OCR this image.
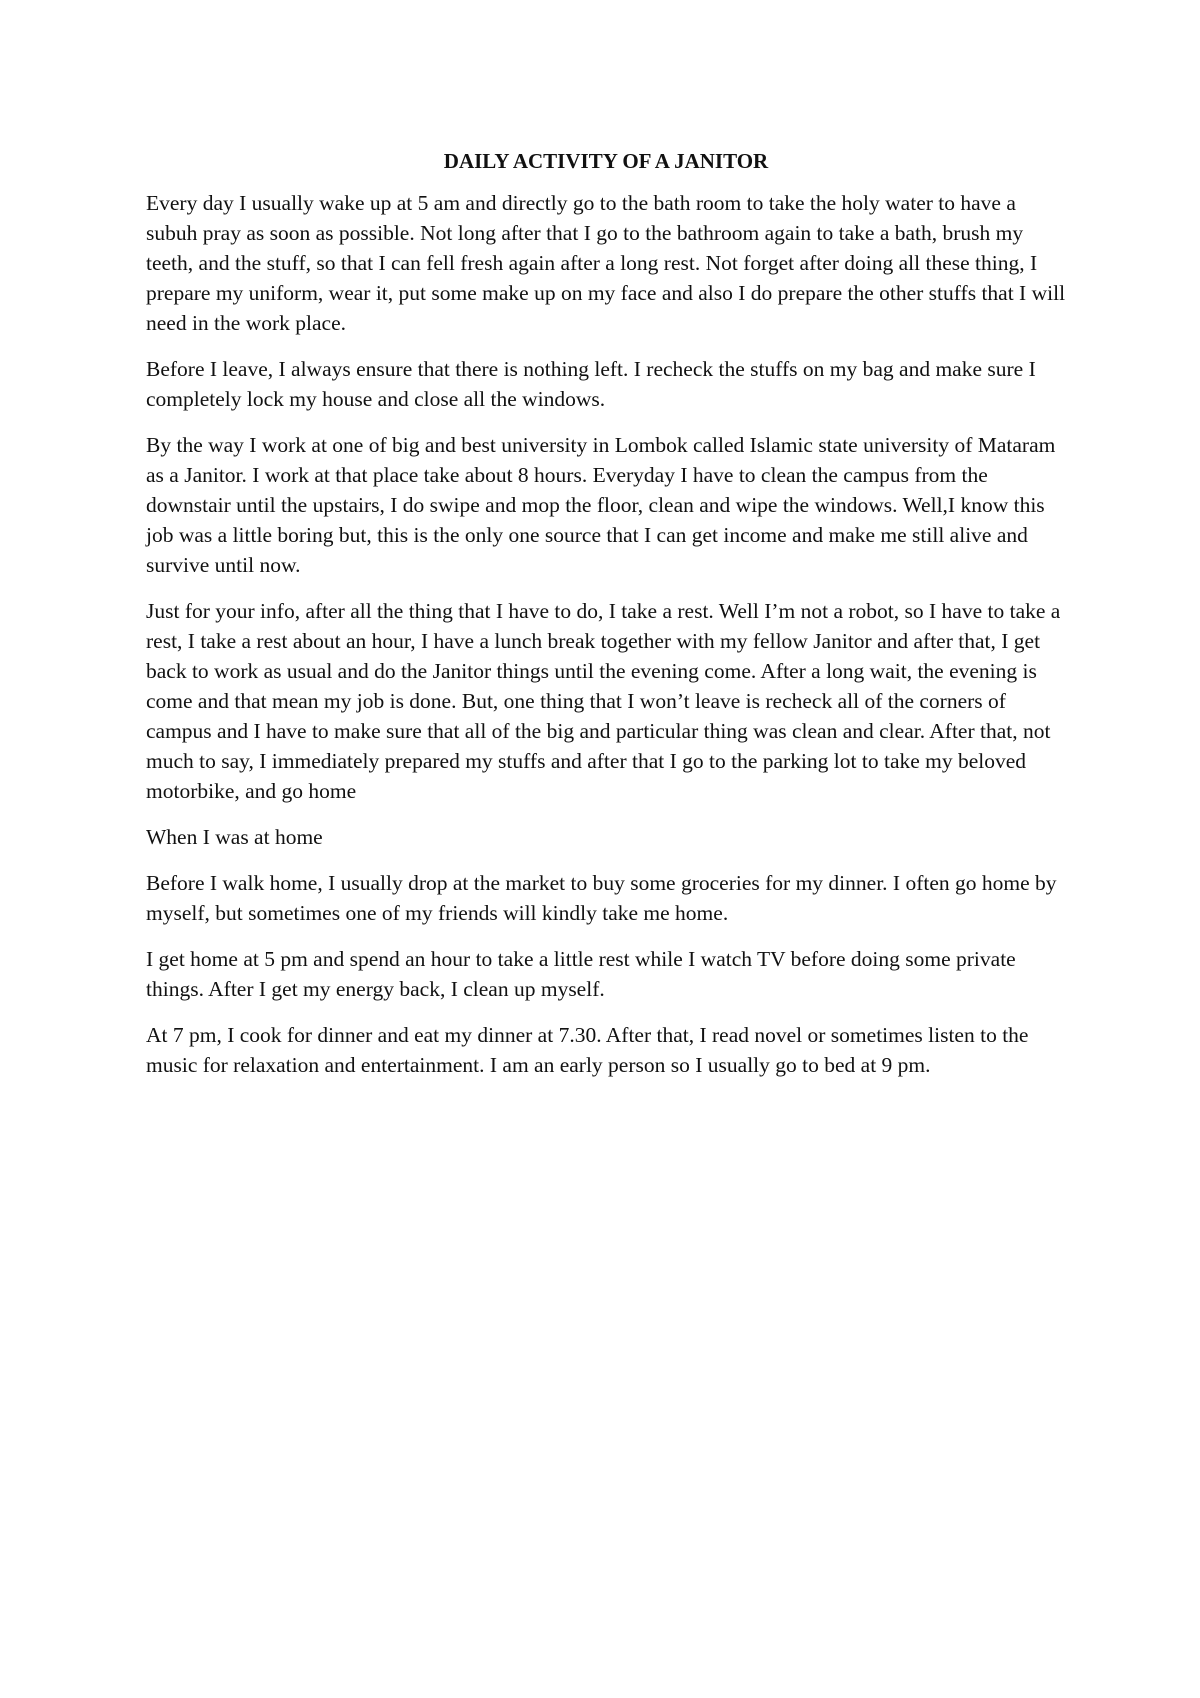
DAILY ACTIVITY OF A JANITOR

Every day I usually wake up at 5 am and directly go to the bath room to take the holy water to have a subuh pray as soon as possible. Not long after that I go to the bathroom again to take a bath, brush my teeth, and the stuff, so that I can fell fresh again after a long rest. Not forget after doing all these thing, I prepare my uniform, wear it, put some make up on my face and also I do prepare the other stuffs that I will need in the work place.

Before I leave, I always ensure that there is nothing left. I recheck the stuffs on my bag and make sure I completely lock my house and close all the windows.

By the way I work at one of big and best university in Lombok called Islamic state university of Mataram as a Janitor. I work at that place take about 8 hours. Everyday I have to clean the campus from the downstair until the upstairs, I do swipe and mop the floor, clean and wipe the windows. Well,I know this job was a little boring but, this is the only one source that I can get income and make me still alive and survive until now.

Just for your info, after all the thing that I have to do, I take a rest. Well I’m not a robot, so I have to take a rest, I take a rest about an hour, I have a lunch break together with my fellow Janitor and after that, I get back to work as usual and do the Janitor things until the evening come. After a long wait, the evening is come and that mean my job is done. But, one thing that I won’t leave is recheck all of the corners of campus and I have to make sure that all of the big and particular thing was clean and clear. After that, not much to say, I immediately prepared my stuffs and after that I go to the parking lot to take my beloved motorbike, and go home

When I was at home

Before I walk home, I usually drop at the market to buy some groceries for my dinner. I often go home by myself, but sometimes one of my friends will kindly take me home.

I get home at 5 pm and spend an hour to take a little rest while I watch TV before doing some private things. After I get my energy back, I clean up myself.

At 7 pm, I cook for dinner and eat my dinner at 7.30. After that, I read novel or sometimes listen to the music for relaxation and entertainment. I am an early person so I usually go to bed at 9 pm.
